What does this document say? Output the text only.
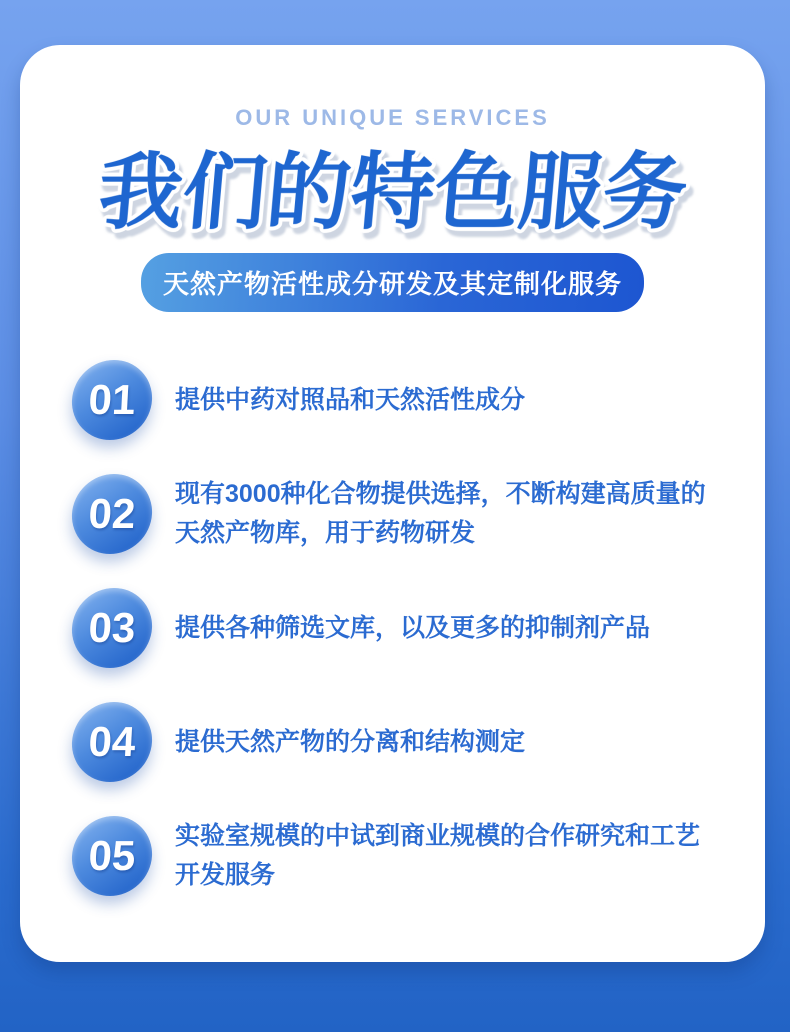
OUR UNIQUE SERVICES
我们的特色服务
天然产物活性成分研发及其定制化服务
01	提供中药对照品和天然活性成分
02	现有3000种化合物提供选择，不断构建高质量的天然产物库，用于药物研发
03	提供各种筛选文库，以及更多的抑制剂产品
04	提供天然产物的分离和结构测定
05	实验室规模的中试到商业规模的合作研究和工艺开发服务
